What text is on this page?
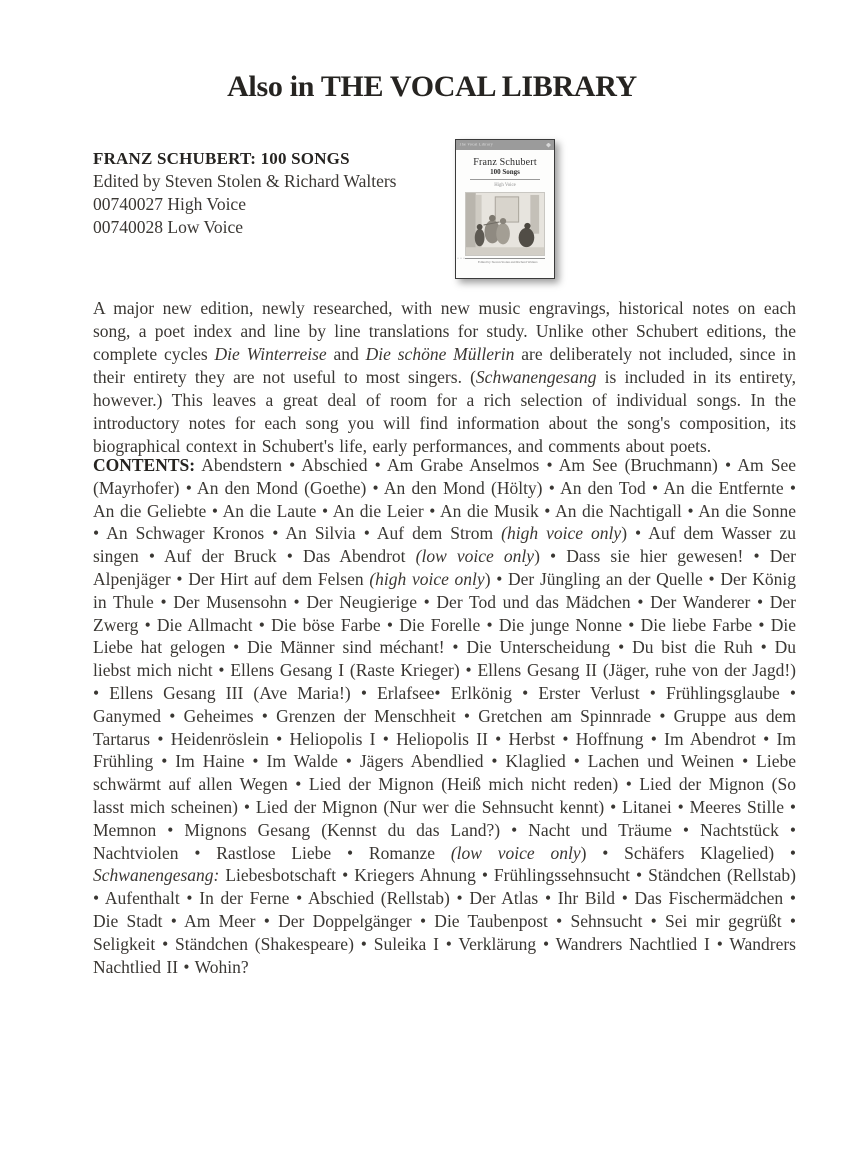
Also in THE VOCAL LIBRARY
FRANZ SCHUBERT: 100 SONGS
Edited by Steven Stolen & Richard Walters
00740027 High Voice
00740028 Low Voice
The Vocal Library
Franz Schubert
100 Songs
High Voice
···
Edited by Steven Stolen and Richard Walters

A major new edition, newly researched, with new music engravings, historical notes on each song, a poet index and line by line translations for study. Unlike other Schubert editions, the complete cycles Die Winterreise and Die schöne Müllerin are deliberately not included, since in their entirety they are not useful to most singers. (Schwanengesang is included in its entirety, however.) This leaves a great deal of room for a rich selection of individual songs. In the introductory notes for each song you will find information about the song's composition, its biographical context in Schubert's life, early performances, and comments about poets.

CONTENTS: Abendstern • Abschied • Am Grabe Anselmos • Am See (Bruchmann) • Am See (Mayrhofer) • An den Mond (Goethe) • An den Mond (Hölty) • An den Tod • An die Entfernte • An die Geliebte • An die Laute • An die Leier • An die Musik • An die Nachtigall • An die Sonne • An Schwager Kronos • An Silvia • Auf dem Strom (high voice only) • Auf dem Wasser zu singen • Auf der Bruck • Das Abendrot (low voice only) • Dass sie hier gewesen! • Der Alpenjäger • Der Hirt auf dem Felsen (high voice only) • Der Jüngling an der Quelle • Der König in Thule • Der Musensohn • Der Neugierige • Der Tod und das Mädchen • Der Wanderer • Der Zwerg • Die Allmacht • Die böse Farbe • Die Forelle • Die junge Nonne • Die liebe Farbe • Die Liebe hat gelogen • Die Männer sind méchant! • Die Unterscheidung • Du bist die Ruh • Du liebst mich nicht • Ellens Gesang I (Raste Krieger) • Ellens Gesang II (Jäger, ruhe von der Jagd!) • Ellens Gesang III (Ave Maria!) • Erlafsee• Erlkönig • Erster Verlust • Frühlingsglaube • Ganymed • Geheimes • Grenzen der Menschheit • Gretchen am Spinnrade • Gruppe aus dem Tartarus • Heidenröslein • Heliopolis I • Heliopolis II • Herbst • Hoffnung • Im Abendrot • Im Frühling • Im Haine • Im Walde • Jägers Abendlied • Klaglied • Lachen und Weinen • Liebe schwärmt auf allen Wegen • Lied der Mignon (Heiß mich nicht reden) • Lied der Mignon (So lasst mich scheinen) • Lied der Mignon (Nur wer die Sehnsucht kennt) • Litanei • Meeres Stille • Memnon • Mignons Gesang (Kennst du das Land?) • Nacht und Träume • Nachtstück • Nachtviolen • Rastlose Liebe • Romanze (low voice only) • Schäfers Klagelied) • Schwanengesang: Liebesbotschaft • Kriegers Ahnung • Frühlingssehnsucht • Ständchen (Rellstab) • Aufenthalt • In der Ferne • Abschied (Rellstab) • Der Atlas • Ihr Bild • Das Fischermädchen • Die Stadt • Am Meer • Der Doppelgänger • Die Taubenpost • Sehnsucht • Sei mir gegrüßt • Seligkeit • Ständchen (Shakespeare) • Suleika I • Verklärung • Wandrers Nachtlied I • Wandrers Nachtlied II • Wohin?
